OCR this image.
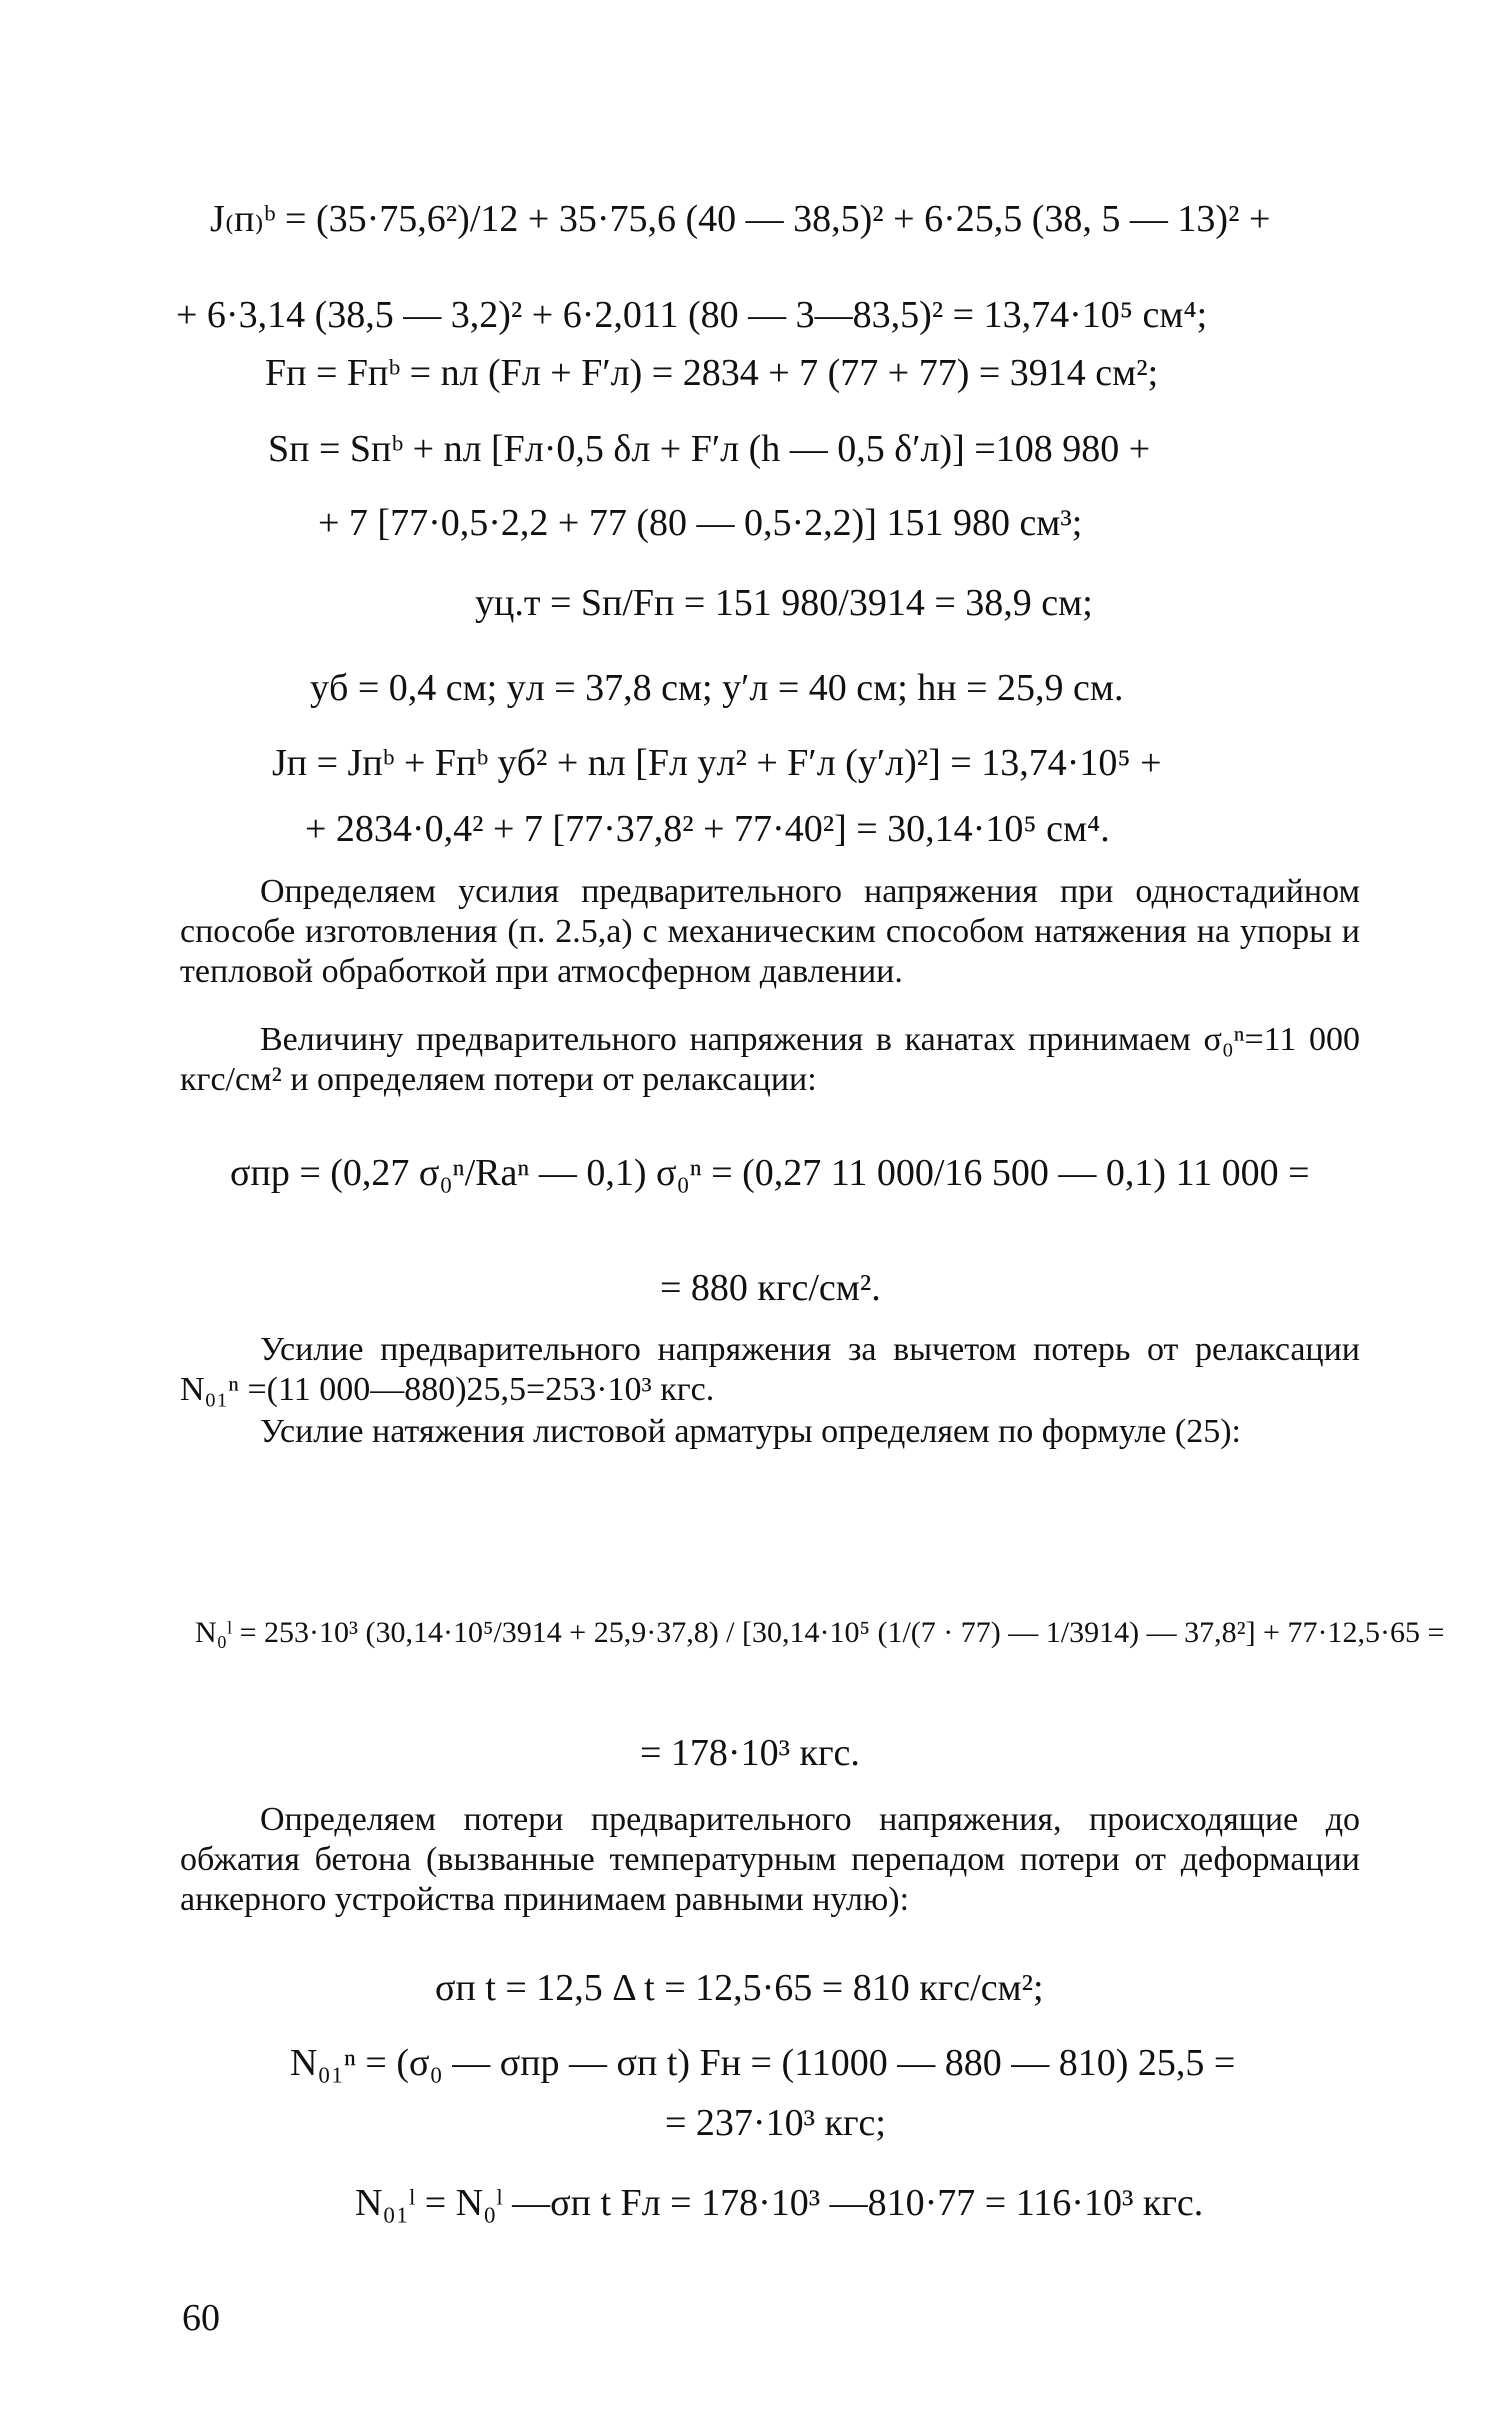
J₍п₎ᵇ = (35·75,6²)/12 + 35·75,6 (40 — 38,5)² + 6·25,5 (38, 5 — 13)² +
+ 6·3,14 (38,5 — 3,2)² + 6·2,011 (80 — 3—83,5)² = 13,74·10⁵ см⁴;
Fп = Fпᵇ = nл (Fл + F′л) = 2834 + 7 (77 + 77) = 3914 см²;
Sп = Sпᵇ + nл [Fл·0,5 δл + F′л (h — 0,5 δ′л)] =108 980 +
+ 7 [77·0,5·2,2 + 77 (80 — 0,5·2,2)] 151 980 см³;
yц.т = Sп/Fп = 151 980/3914 = 38,9 см;
yб = 0,4 см; yл = 37,8 см; y′л = 40 см; hн = 25,9 см.
Jп = Jпᵇ + Fпᵇ yб² + nл [Fл yл² + F′л (y′л)²] = 13,74·10⁵ +
+ 2834·0,4² + 7 [77·37,8² + 77·40²] = 30,14·10⁵ см⁴.

Определяем усилия предварительного напряжения при одностадийном способе изготовления (п. 2.5,а) с механическим способом натяжения на упоры и тепловой обработкой при атмосферном давлении.

Величину предварительного напряжения в канатах принимаем σ₀ⁿ=11 000 кгс/см² и определяем потери от релаксации:

σпр = (0,27 σ₀ⁿ/Rаⁿ — 0,1) σ₀ⁿ = (0,27 11 000/16 500 — 0,1) 11 000 =
= 880 кгс/см².

Усилие предварительного напряжения за вычетом потерь от релаксации N₀₁ⁿ =(11 000—880)25,5=253·10³ кгс.

Усилие натяжения листовой арматуры определяем по формуле (25):

N₀ˡ = 253·10³ (30,14·10⁵/3914 + 25,9·37,8) / [30,14·10⁵ (1/(7 · 77) — 1/3914) — 37,8²] + 77·12,5·65 =
= 178·10³ кгс.

Определяем потери предварительного напряжения, происходящие до обжатия бетона (вызванные температурным перепадом потери от деформации анкерного устройства принимаем равными нулю):

σп t = 12,5 Δ t = 12,5·65 = 810 кгс/см²;
N₀₁ⁿ = (σ₀ — σпр — σп t) Fн = (11000 — 880 — 810) 25,5 =
= 237·10³ кгс;
N₀₁ˡ = N₀ˡ —σп t Fл = 178·10³ —810·77 = 116·10³ кгс.
60
